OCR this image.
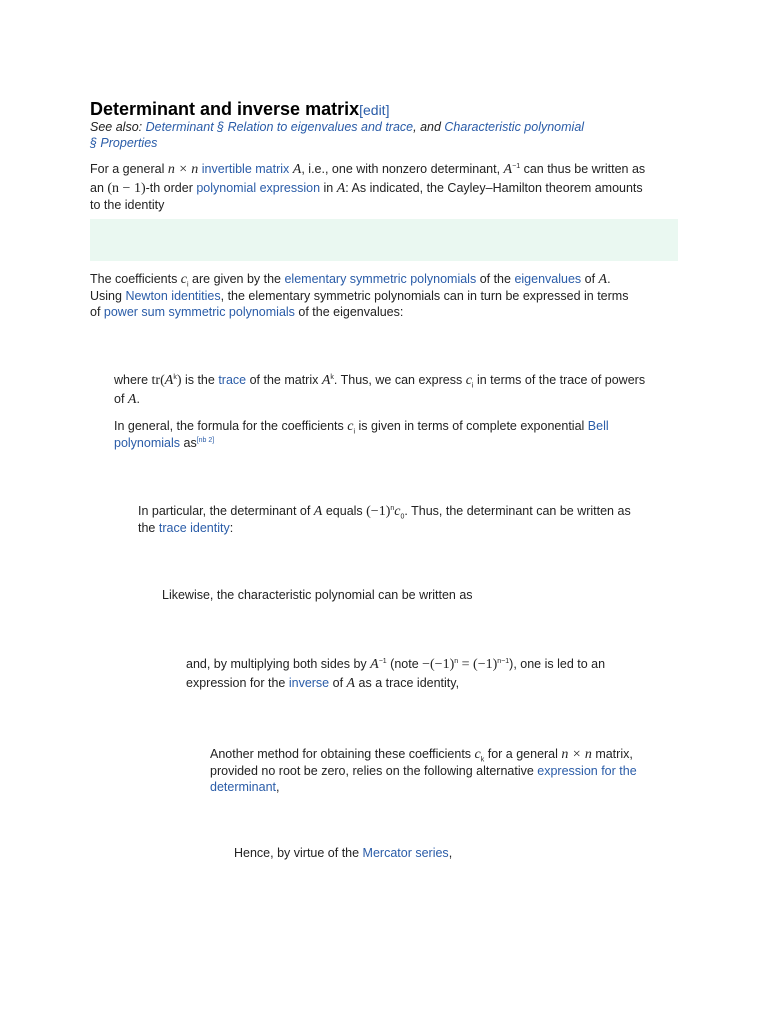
Determinant and inverse matrix[edit]
See also: Determinant § Relation to eigenvalues and trace, and Characteristic polynomial
§ Properties
For a general n × n invertible matrix A, i.e., one with nonzero determinant, $A^{-1}$ can thus be written as
an (n − 1)-th order polynomial expression in A: As indicated, the Cayley–Hamilton theorem amounts
to the identity
The coefficients $c_i$ are given by the elementary symmetric polynomials of the eigenvalues of A.
Using Newton identities, the elementary symmetric polynomials can in turn be expressed in terms
of power sum symmetric polynomials of the eigenvalues:
where $tr(A^k)$ is the trace of the matrix $A^k$. Thus, we can express $c_i$ in terms of the trace of powers
of A.
In general, the formula for the coefficients $c_i$ is given in terms of complete exponential Bell
polynomials as[nb 2]
In particular, the determinant of A equals $(-1)^nc_0$. Thus, the determinant can be written as
the trace identity:
Likewise, the characteristic polynomial can be written as
and, by multiplying both sides by $A^{-1}$ (note $-(-1)^n = (-1)^{n-1}$), one is led to an
expression for the inverse of A as a trace identity,
Another method for obtaining these coefficients $c_k$ for a general n × n matrix,
provided no root be zero, relies on the following alternative expression for the
determinant,
Hence, by virtue of the Mercator series,
